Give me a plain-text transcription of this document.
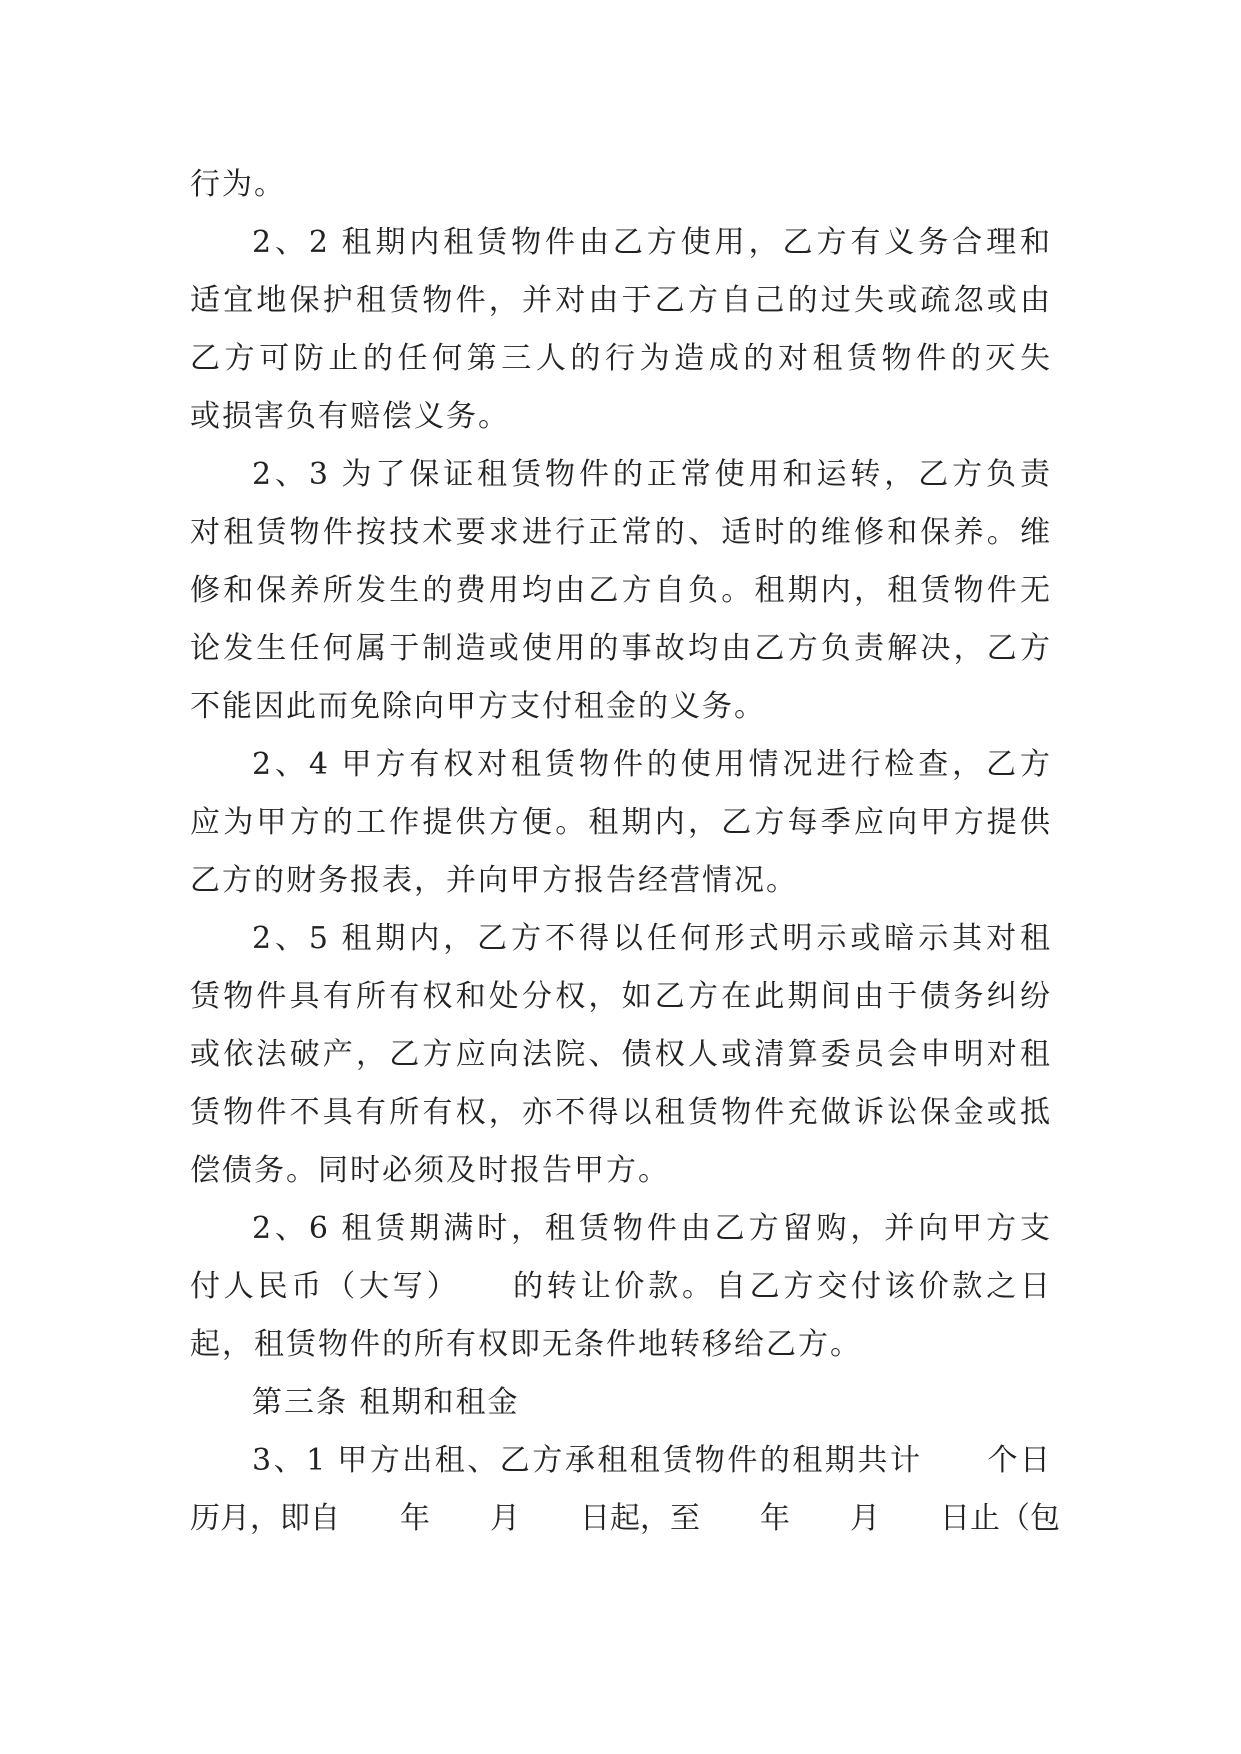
行为。
2、2 租期内租赁物件由乙方使用，乙方有义务合理和
适宜地保护租赁物件，并对由于乙方自己的过失或疏忽或由
乙方可防止的任何第三人的行为造成的对租赁物件的灭失
或损害负有赔偿义务。
2、3 为了保证租赁物件的正常使用和运转，乙方负责
对租赁物件按技术要求进行正常的、适时的维修和保养。维
修和保养所发生的费用均由乙方自负。租期内，租赁物件无
论发生任何属于制造或使用的事故均由乙方负责解决，乙方
不能因此而免除向甲方支付租金的义务。
2、4 甲方有权对租赁物件的使用情况进行检查，乙方
应为甲方的工作提供方便。租期内，乙方每季应向甲方提供
乙方的财务报表，并向甲方报告经营情况。
2、5 租期内，乙方不得以任何形式明示或暗示其对租
赁物件具有所有权和处分权，如乙方在此期间由于债务纠纷
或依法破产，乙方应向法院、债权人或清算委员会申明对租
赁物件不具有所有权，亦不得以租赁物件充做诉讼保金或抵
偿债务。同时必须及时报告甲方。
2、6 租赁期满时，租赁物件由乙方留购，并向甲方支
付人民币（大写）　　的转让价款。自乙方交付该价款之日
起，租赁物件的所有权即无条件地转移给乙方。
第三条 租期和租金
3、1 甲方出租、乙方承租租赁物件的租期共计　　个日
历月，即自　　年　　月　　日起，至　　年　　月　　日止（包
